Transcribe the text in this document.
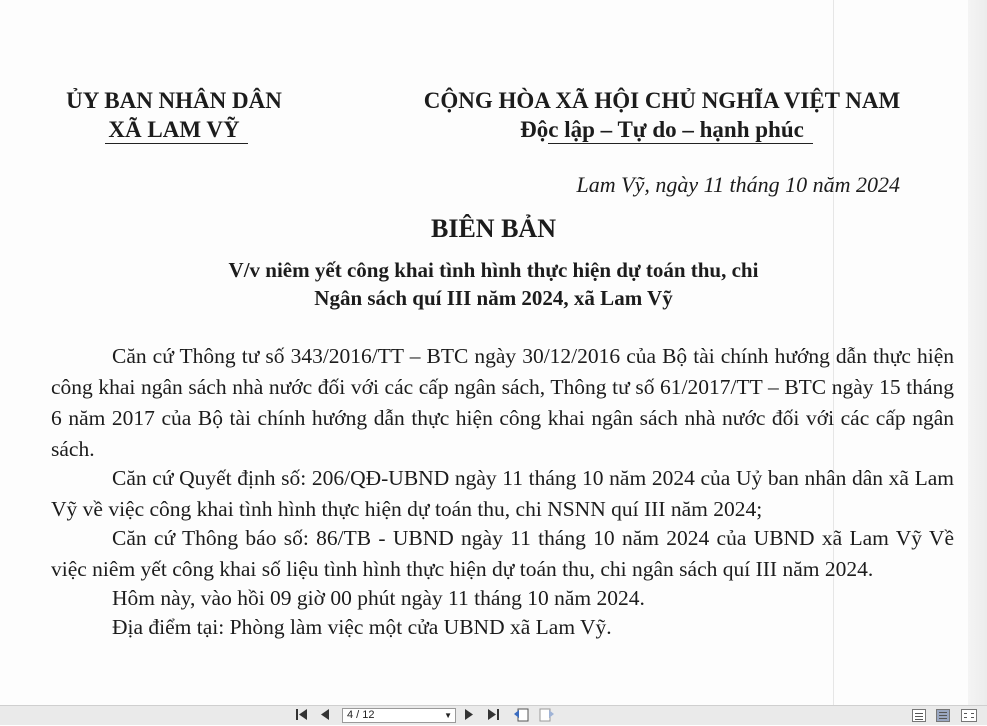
ỦY BAN NHÂN DÂN
XÃ LAM VỸ
CỘNG HÒA XÃ HỘI CHỦ NGHĨA VIỆT NAM
Độc lập – Tự do – hạnh phúc
Lam Vỹ, ngày 11 tháng 10 năm 2024
BIÊN BẢN
V/v niêm yết công khai tình hình thực hiện dự toán thu, chi
Ngân sách quí III năm 2024, xã Lam Vỹ

Căn cứ Thông tư số 343/2016/TT – BTC ngày 30/12/2016 của Bộ tài chính hướng dẫn thực hiện công khai ngân sách nhà nước đối với các cấp ngân sách, Thông tư số 61/2017/TT – BTC ngày 15 tháng 6 năm 2017 của Bộ tài chính hướng dẫn thực hiện công khai ngân sách nhà nước đối với các cấp ngân sách.

Căn cứ Quyết định số: 206/QĐ-UBND ngày 11 tháng 10 năm 2024 của Uỷ ban nhân dân xã Lam Vỹ về việc công khai tình hình thực hiện dự toán thu, chi NSNN quí III năm 2024;

Căn cứ Thông báo số: 86/TB - UBND ngày 11 tháng 10 năm 2024 của UBND xã Lam Vỹ Về việc niêm yết công khai số liệu tình hình thực hiện dự toán thu, chi ngân sách quí III năm 2024.

Hôm này, vào hồi 09 giờ 00 phút ngày 11 tháng 10 năm 2024.

Địa điểm tại: Phòng làm việc một cửa UBND xã Lam Vỹ.

4 / 12	▼
